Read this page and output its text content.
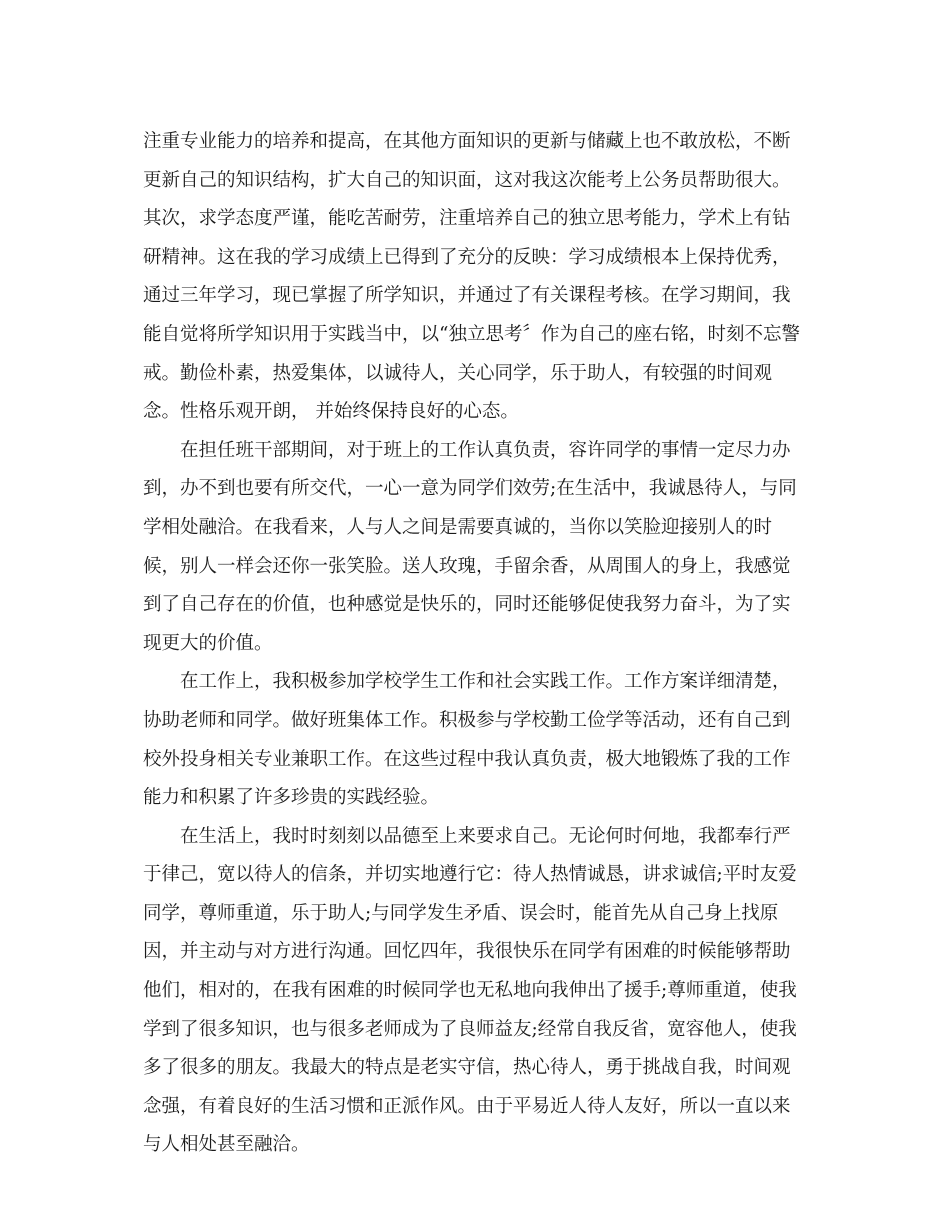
注重专业能力的培养和提高，在其他方面知识的更新与储藏上也不敢放松，不断
更新自己的知识结构，扩大自己的知识面，这对我这次能考上公务员帮助很大。
其次，求学态度严谨，能吃苦耐劳，注重培养自己的独立思考能力，学术上有钻
研精神。这在我的学习成绩上已得到了充分的反映：学习成绩根本上保持优秀，
通过三年学习，现已掌握了所学知识，并通过了有关课程考核。在学习期间，我
能自觉将所学知识用于实践当中，以“独立思考〞作为自己的座右铭，时刻不忘警
戒。勤俭朴素，热爱集体，以诚待人，关心同学，乐于助人，有较强的时间观
念。性格乐观开朗， 并始终保持良好的心态。
　　在担任班干部期间，对于班上的工作认真负责，容许同学的事情一定尽力办
到，办不到也要有所交代，一心一意为同学们效劳;在生活中，我诚恳待人，与同
学相处融洽。在我看来，人与人之间是需要真诚的，当你以笑脸迎接别人的时
候，别人一样会还你一张笑脸。送人玫瑰，手留余香，从周围人的身上，我感觉
到了自己存在的价值，也种感觉是快乐的，同时还能够促使我努力奋斗，为了实
现更大的价值。
　　在工作上，我积极参加学校学生工作和社会实践工作。工作方案详细清楚，
协助老师和同学。做好班集体工作。积极参与学校勤工俭学等活动，还有自己到
校外投身相关专业兼职工作。在这些过程中我认真负责，极大地锻炼了我的工作
能力和积累了许多珍贵的实践经验。
　　在生活上，我时时刻刻以品德至上来要求自己。无论何时何地，我都奉行严
于律己，宽以待人的信条，并切实地遵行它：待人热情诚恳，讲求诚信;平时友爱
同学，尊师重道，乐于助人;与同学发生矛盾、误会时，能首先从自己身上找原
因，并主动与对方进行沟通。回忆四年，我很快乐在同学有困难的时候能够帮助
他们，相对的，在我有困难的时候同学也无私地向我伸出了援手;尊师重道，使我
学到了很多知识，也与很多老师成为了良师益友;经常自我反省，宽容他人，使我
多了很多的朋友。我最大的特点是老实守信，热心待人，勇于挑战自我，时间观
念强，有着良好的生活习惯和正派作风。由于平易近人待人友好，所以一直以来
与人相处甚至融洽。
